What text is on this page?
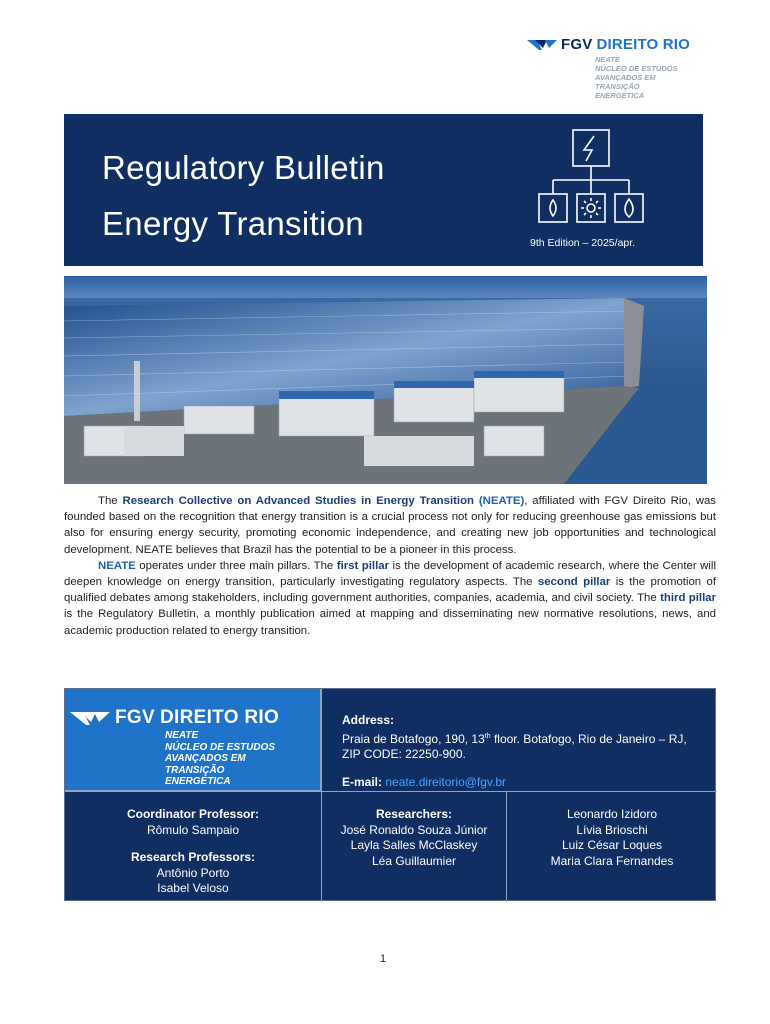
FGV DIREITO RIO
NEATE
NÚCLEO DE ESTUDOS
AVANÇADOS EM
TRANSIÇÃO
ENERGÉTICA
Regulatory Bulletin
Energy Transition
9th Edition – 2025/apr.

The Research Collective on Advanced Studies in Energy Transition (NEATE), affiliated with FGV Direito Rio, was founded based on the recognition that energy transition is a crucial process not only for reducing greenhouse gas emissions but also for ensuring energy security, promoting economic independence, and creating new job opportunities and technological development. NEATE believes that Brazil has the potential to be a pioneer in this process.

NEATE operates under three main pillars. The first pillar is the development of academic research, where the Center will deepen knowledge on energy transition, particularly investigating regulatory aspects. The second pillar is the promotion of qualified debates among stakeholders, including government authorities, companies, academia, and civil society. The third pillar is the Regulatory Bulletin, a monthly publication aimed at mapping and disseminating new normative resolutions, news, and academic production related to energy transition.

FGV DIREITO RIO
NEATE
NÚCLEO DE ESTUDOS
AVANÇADOS EM
TRANSIÇÃO
ENERGÉTICA
Address:
Praia de Botafogo, 190, 13th floor. Botafogo, Rio de Janeiro – RJ, ZIP CODE: 22250-900.
E-mail: neate.direitorio@fgv.br
Coordinator Professor:
Rômulo Sampaio
Research Professors:
Antônio Porto
Isabel Veloso
Researchers:
José Ronaldo Souza Júnior
Layla Salles McClaskey
Léa Guillaumier
Leonardo Izidoro
Lívia Brioschi
Luiz César Loques
Maria Clara Fernandes
1
